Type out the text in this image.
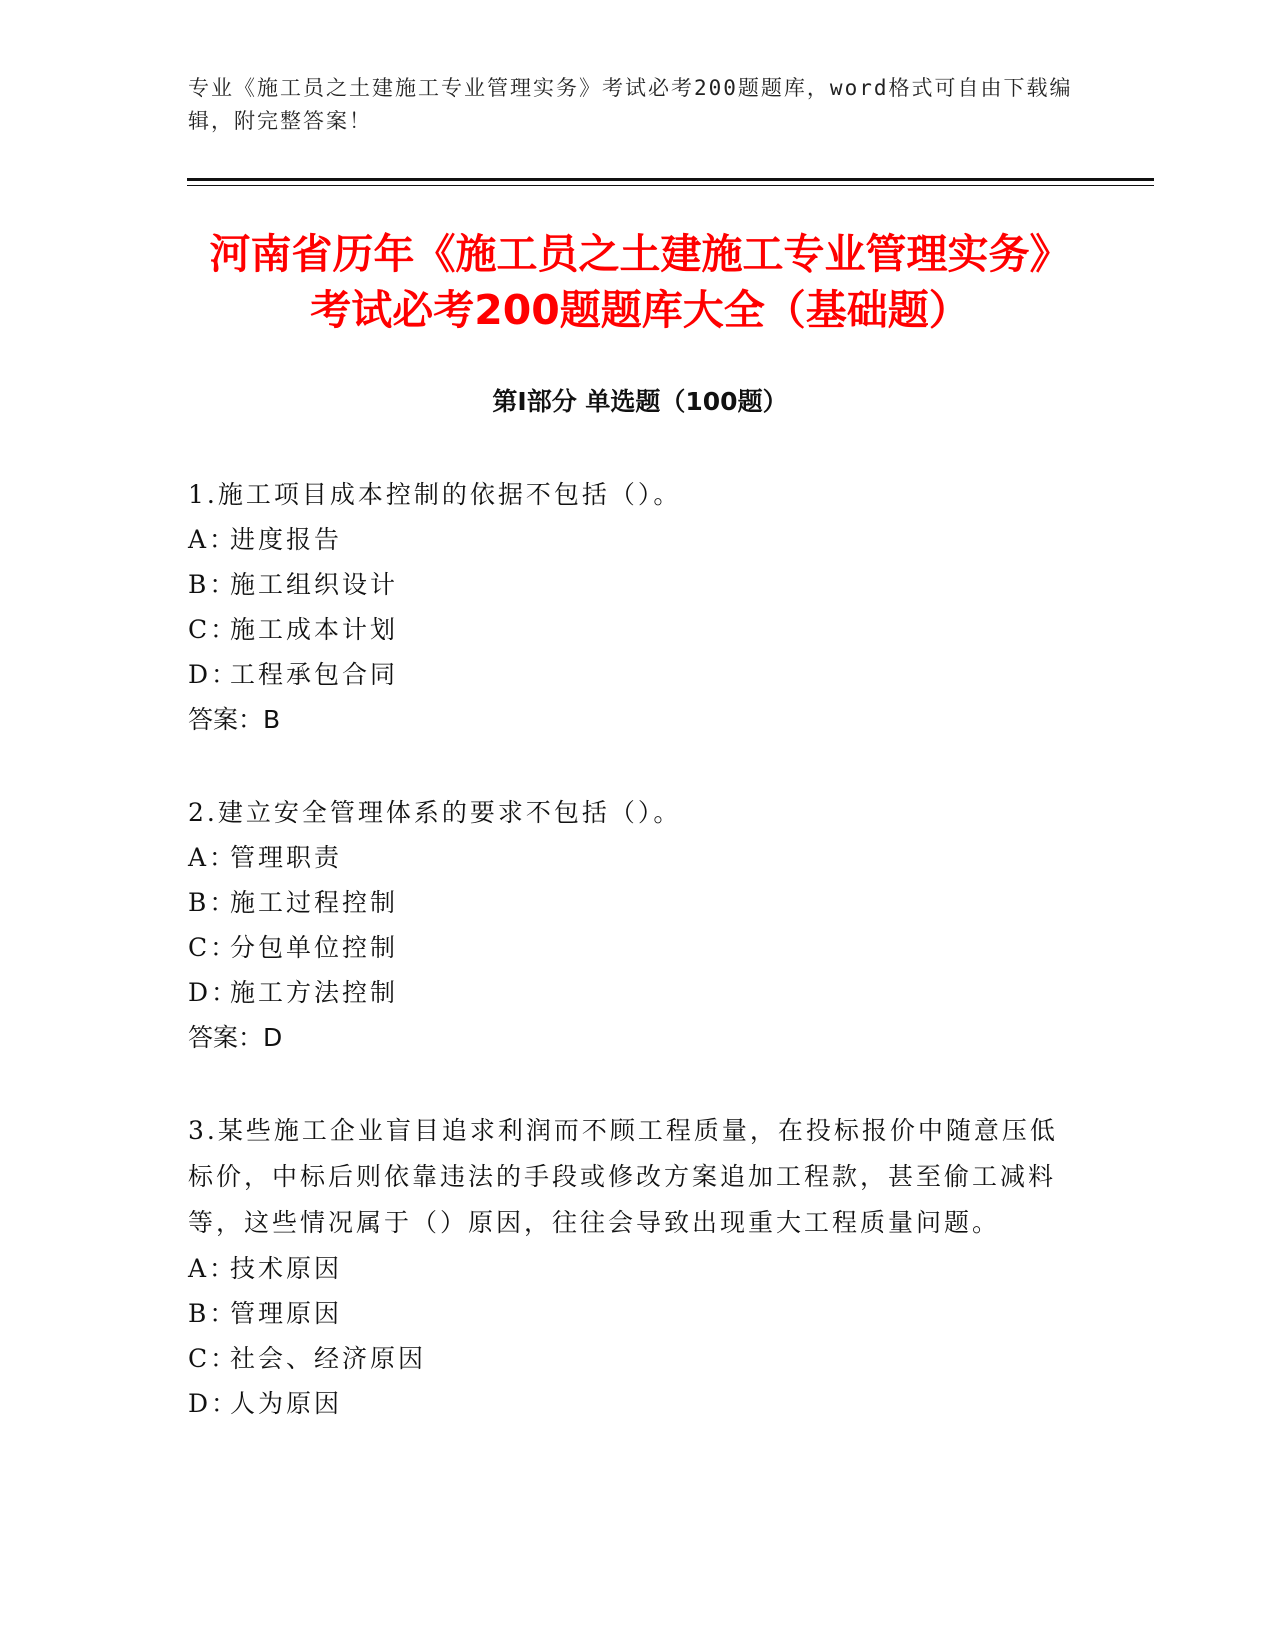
专业《施工员之土建施工专业管理实务》考试必考200题题库，word格式可自由下载编辑，附完整答案！
河南省历年《施工员之土建施工专业管理实务》考试必考200题题库大全（基础题）
第I部分 单选题（100题）
1.施工项目成本控制的依据不包括（）。
A：进度报告
B：施工组织设计
C：施工成本计划
D：工程承包合同
答案：B
2.建立安全管理体系的要求不包括（）。
A：管理职责
B：施工过程控制
C：分包单位控制
D：施工方法控制
答案：D
3.某些施工企业盲目追求利润而不顾工程质量，在投标报价中随意压低标价，中标后则依靠违法的手段或修改方案追加工程款，甚至偷工减料等，这些情况属于（）原因，往往会导致出现重大工程质量问题。
A：技术原因
B：管理原因
C：社会、经济原因
D：人为原因
